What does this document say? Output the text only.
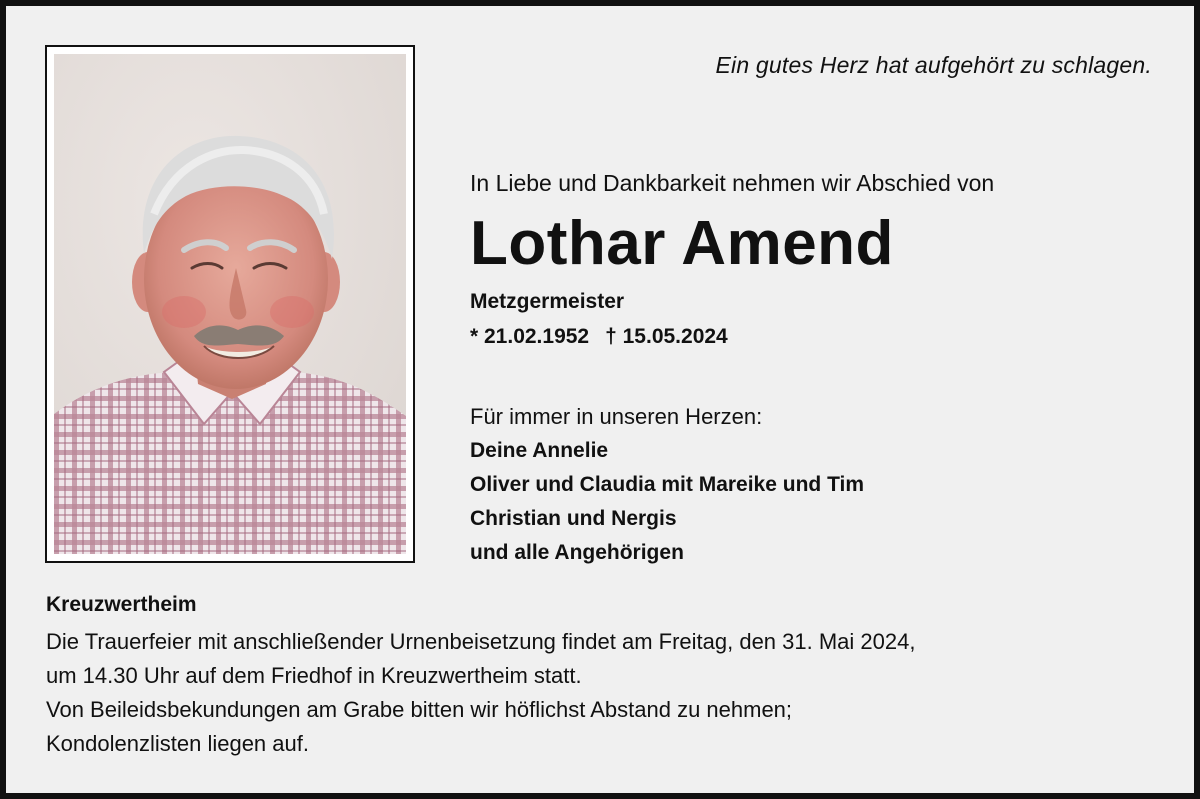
Ein gutes Herz hat aufgehört zu schlagen.
In Liebe und Dankbarkeit nehmen wir Abschied von
Lothar Amend
Metzgermeister
* 21.02.1952 † 15.05.2024
Für immer in unseren Herzen:
Deine Annelie
Oliver und Claudia mit Mareike und Tim
Christian und Nergis
und alle Angehörigen
Kreuzwertheim
Die Trauerfeier mit anschließender Urnenbeisetzung findet am Freitag, den 31. Mai 2024,
um 14.30 Uhr auf dem Friedhof in Kreuzwertheim statt.
Von Beileidsbekundungen am Grabe bitten wir höflichst Abstand zu nehmen;
Kondolenzlisten liegen auf.
